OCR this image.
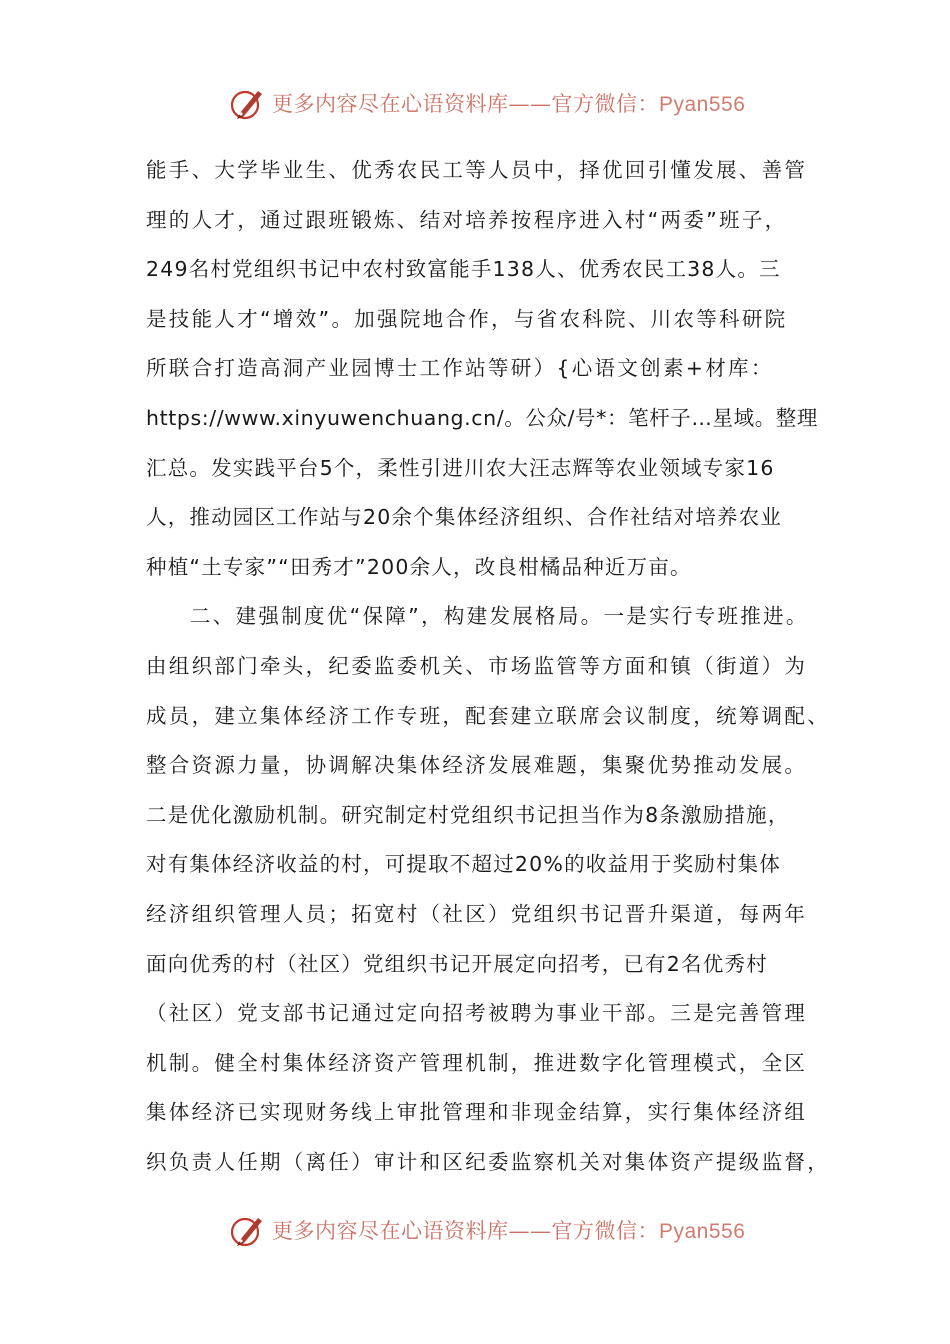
更多内容尽在心语资料库——官方微信：Pyan556
能手、大学毕业生、优秀农民工等人员中，择优回引懂发展、善管
理的人才，通过跟班锻炼、结对培养按程序进入村“两委”班子，
249名村党组织书记中农村致富能手138人、优秀农民工38人。三
是技能人才“增效”。加强院地合作，与省农科院、川农等科研院
所联合打造高洞产业园博士工作站等研）{心语文创素+材库：
https://www.xinyuwenchuang.cn/。公众/号*：笔杆子…星域。整理
汇总。发实践平台5个，柔性引进川农大汪志辉等农业领域专家16
人，推动园区工作站与20余个集体经济组织、合作社结对培养农业
种植“土专家”“田秀才”200余人，改良柑橘品种近万亩。
二、建强制度优“保障”，构建发展格局。一是实行专班推进。
由组织部门牵头，纪委监委机关、市场监管等方面和镇（街道）为
成员，建立集体经济工作专班，配套建立联席会议制度，统筹调配、
整合资源力量，协调解决集体经济发展难题，集聚优势推动发展。
二是优化激励机制。研究制定村党组织书记担当作为8条激励措施，
对有集体经济收益的村，可提取不超过20%的收益用于奖励村集体
经济组织管理人员；拓宽村（社区）党组织书记晋升渠道，每两年
面向优秀的村（社区）党组织书记开展定向招考，已有2名优秀村
（社区）党支部书记通过定向招考被聘为事业干部。三是完善管理
机制。健全村集体经济资产管理机制，推进数字化管理模式，全区
集体经济已实现财务线上审批管理和非现金结算，实行集体经济组
织负责人任期（离任）审计和区纪委监察机关对集体资产提级监督，
更多内容尽在心语资料库——官方微信：Pyan556
